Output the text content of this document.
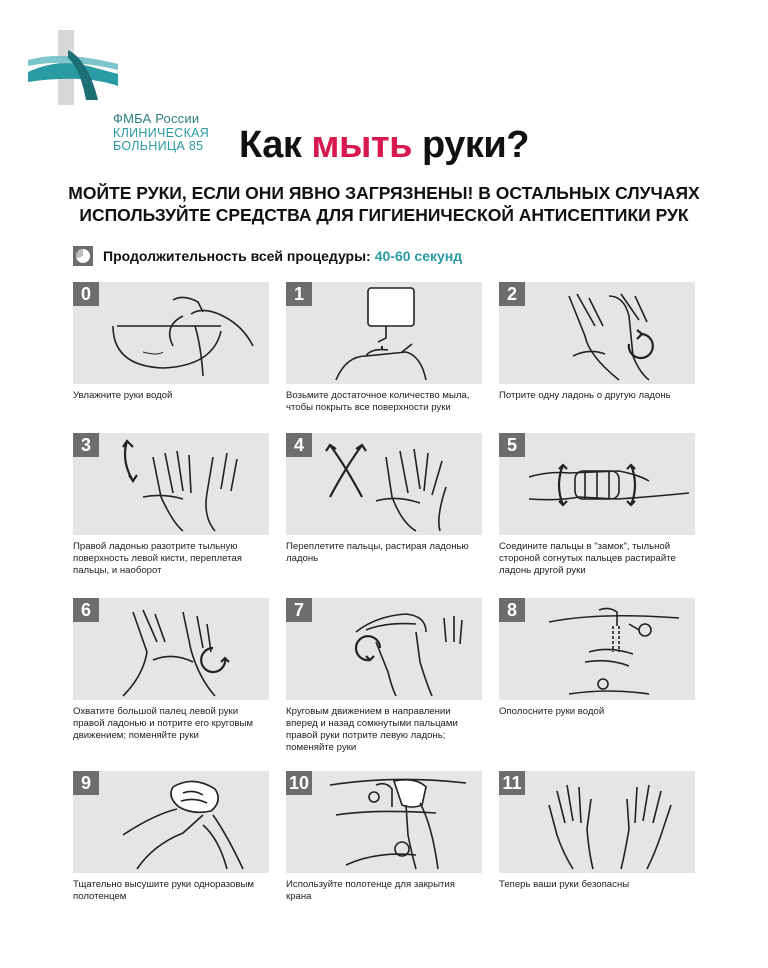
ФМБА России
КЛИНИЧЕСКАЯ
БОЛЬНИЦА 85 Как мыть руки?
МОЙТЕ РУКИ, ЕСЛИ ОНИ ЯВНО ЗАГРЯЗНЕНЫ! В ОСТАЛЬНЫХ СЛУЧАЯХ
ИСПОЛЬЗУЙТЕ СРЕДСТВА ДЛЯ ГИГИЕНИЧЕСКОЙ АНТИСЕПТИКИ РУК
Продолжительность всей процедуры: 40-60 секунд
0
Увлажните руки водой
1
Возьмите достаточное количество мыла, чтобы покрыть все поверхности руки
2
Потрите одну ладонь о другую ладонь
3
Правой ладонью разотрите тыльную поверхность левой кисти, переплетая пальцы, и наоборот
4
Переплетите пальцы, растирая ладонью ладонь
5
Соедините пальцы в "замок", тыльной стороной согнутых пальцев растирайте ладонь другой руки
6
Охватите большой палец левой руки правой ладонью и потрите его круговым движением; поменяйте руки
7
Круговым движением в направлении вперед и назад сомкнутыми пальцами правой руки потрите левую ладонь; поменяйте руки
8
Ополосните руки водой
9
Тщательно высушите руки одноразовым полотенцем
10
Используйте полотенце для закрытия крана
11
Теперь ваши руки безопасны
